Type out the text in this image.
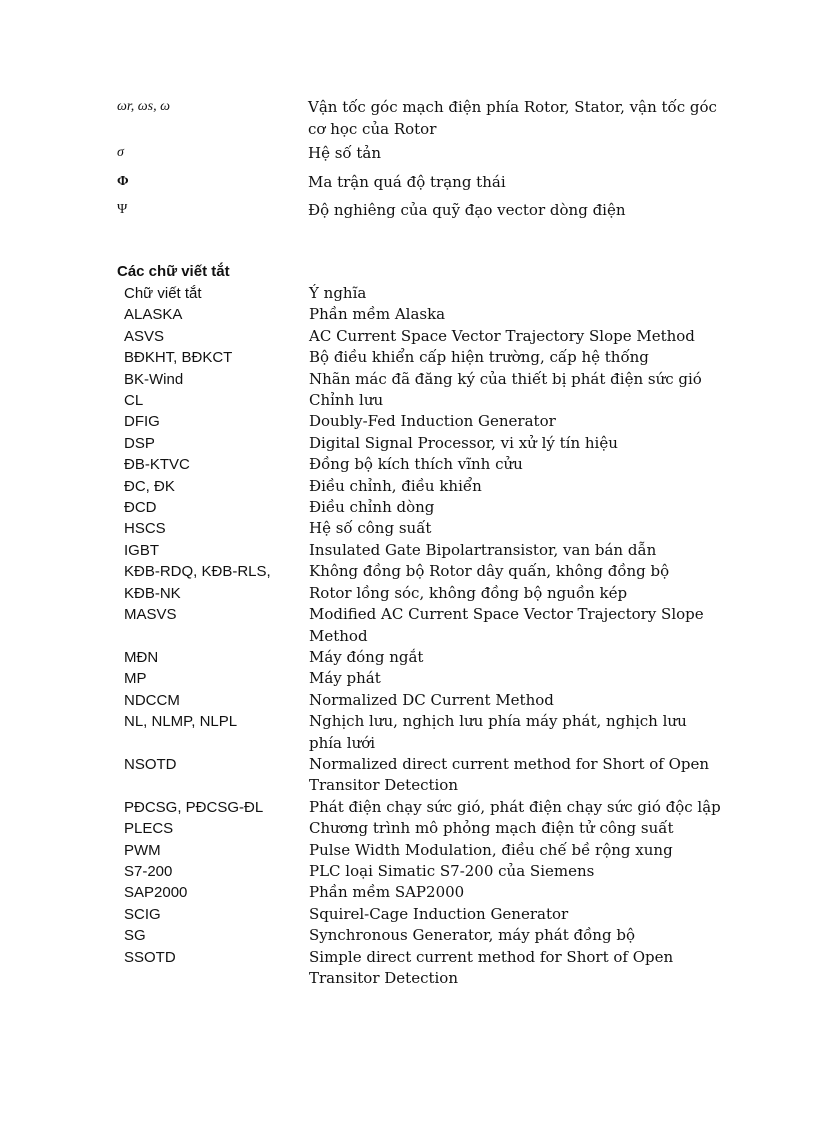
ωr, ωs, ω	Vận tốc góc mạch điện phía Rotor, Stator, vận tốc góc cơ học của Rotor
σ	Hệ số tản
Φ	Ma trận quá độ trạng thái
Ψ	Độ nghiêng của quỹ đạo vector dòng điện
Các chữ viết tắt
Chữ viết tắt	Ý nghĩa
ALASKA	Phần mềm Alaska
ASVS	AC Current Space Vector Trajectory Slope Method
BĐKHT, BĐKCT	Bộ điều khiển cấp hiện trường, cấp hệ thống
BK-Wind	Nhãn mác đã đăng ký của thiết bị phát điện sức gió
CL	Chỉnh lưu
DFIG	Doubly-Fed Induction Generator
DSP	Digital Signal Processor, vi xử lý tín hiệu
ĐB-KTVC	Đồng bộ kích thích vĩnh cửu
ĐC, ĐK	Điều chỉnh, điều khiển
ĐCD	Điều chỉnh dòng
HSCS	Hệ số công suất
IGBT	Insulated Gate Bipolartransistor, van bán dẫn
KĐB-RDQ, KĐB-RLS,	Không đồng bộ Rotor dây quấn, không đồng bộ
KĐB-NK	Rotor lồng sóc, không đồng bộ nguồn kép
MASVS	Modified AC Current Space Vector Trajectory Slope Method
MĐN	Máy đóng ngắt
MP	Máy phát
NDCCM	Normalized DC Current Method
NL, NLMP, NLPL	Nghịch lưu, nghịch lưu phía máy phát, nghịch lưu phía lưới
NSOTD	Normalized direct current method for Short of Open Transitor Detection
PĐCSG, PĐCSG-ĐL	Phát điện chạy sức gió, phát điện chạy sức gió độc lập
PLECS	Chương trình mô phỏng mạch điện tử công suất
PWM	Pulse Width Modulation, điều chế bề rộng xung
S7-200	PLC loại Simatic S7-200 của Siemens
SAP2000	Phần mềm SAP2000
SCIG	Squirel-Cage Induction Generator
SG	Synchronous Generator, máy phát đồng bộ
SSOTD	Simple direct current method for Short of Open Transitor Detection
